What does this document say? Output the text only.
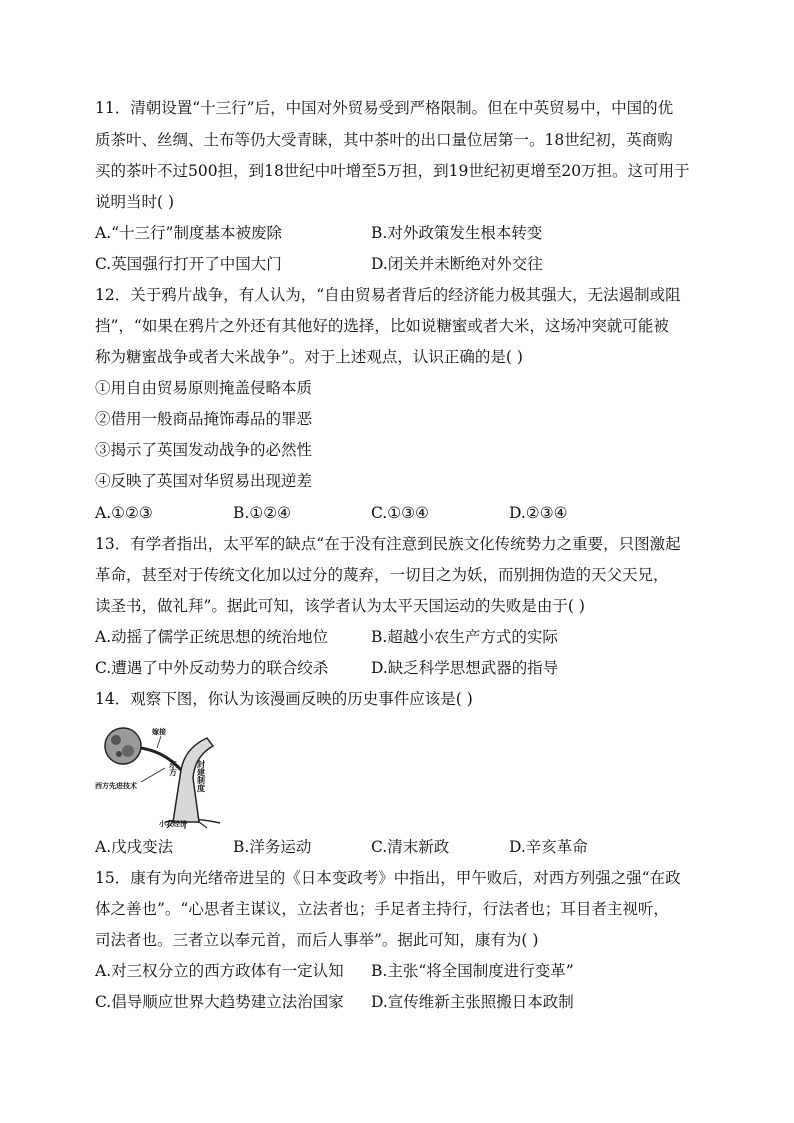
11．清朝设置“十三行”后，中国对外贸易受到严格限制。但在中英贸易中，中国的优
质茶叶、丝绸、土布等仍大受青睐，其中茶叶的出口量位居第一。18世纪初，英商购
买的茶叶不过500担，到18世纪中叶增至5万担，到19世纪初更增至20万担。这可用于
说明当时( )
A.“十三行”制度基本被废除	B.对外政策发生根本转变
C.英国强行打开了中国大门	D.闭关并未断绝对外交往
12．关于鸦片战争，有人认为，“自由贸易者背后的经济能力极其强大，无法遏制或阻
挡”，“如果在鸦片之外还有其他好的选择，比如说糖蜜或者大米，这场冲突就可能被
称为糖蜜战争或者大米战争”。对于上述观点，认识正确的是( )
①用自由贸易原则掩盖侵略本质
②借用一般商品掩饰毒品的罪恶
③揭示了英国发动战争的必然性
④反映了英国对华贸易出现逆差
A.①②③	B.①②④	C.①③④	D.②③④
13．有学者指出，太平军的缺点“在于没有注意到民族文化传统势力之重要，只图激起
革命，甚至对于传统文化加以过分的蔑弃，一切目之为妖，而别拥伪造的天父天兄，
读圣书，做礼拜”。据此可知，该学者认为太平天国运动的失败是由于( )
A.动摇了儒学正统思想的统治地位	B.超越小农生产方式的实际
C.遭遇了中外反动势力的联合绞杀	D.缺乏科学思想武器的指导
14．观察下图，你认为该漫画反映的历史事件应该是( )
嫁接
西方先进技术
东方 封建制度
小农经济
A.戊戌变法	B.洋务运动	C.清末新政	D.辛亥革命
15．康有为向光绪帝进呈的《日本变政考》中指出，甲午败后，对西方列强之强“在政
体之善也”。“心思者主谋议，立法者也；手足者主持行，行法者也；耳目者主视听，
司法者也。三者立以奉元首，而后人事举”。据此可知，康有为( )
A.对三权分立的西方政体有一定认知 B.主张“将全国制度进行变革”
C.倡导顺应世界大趋势建立法治国家 D.宣传维新主张照搬日本政制
